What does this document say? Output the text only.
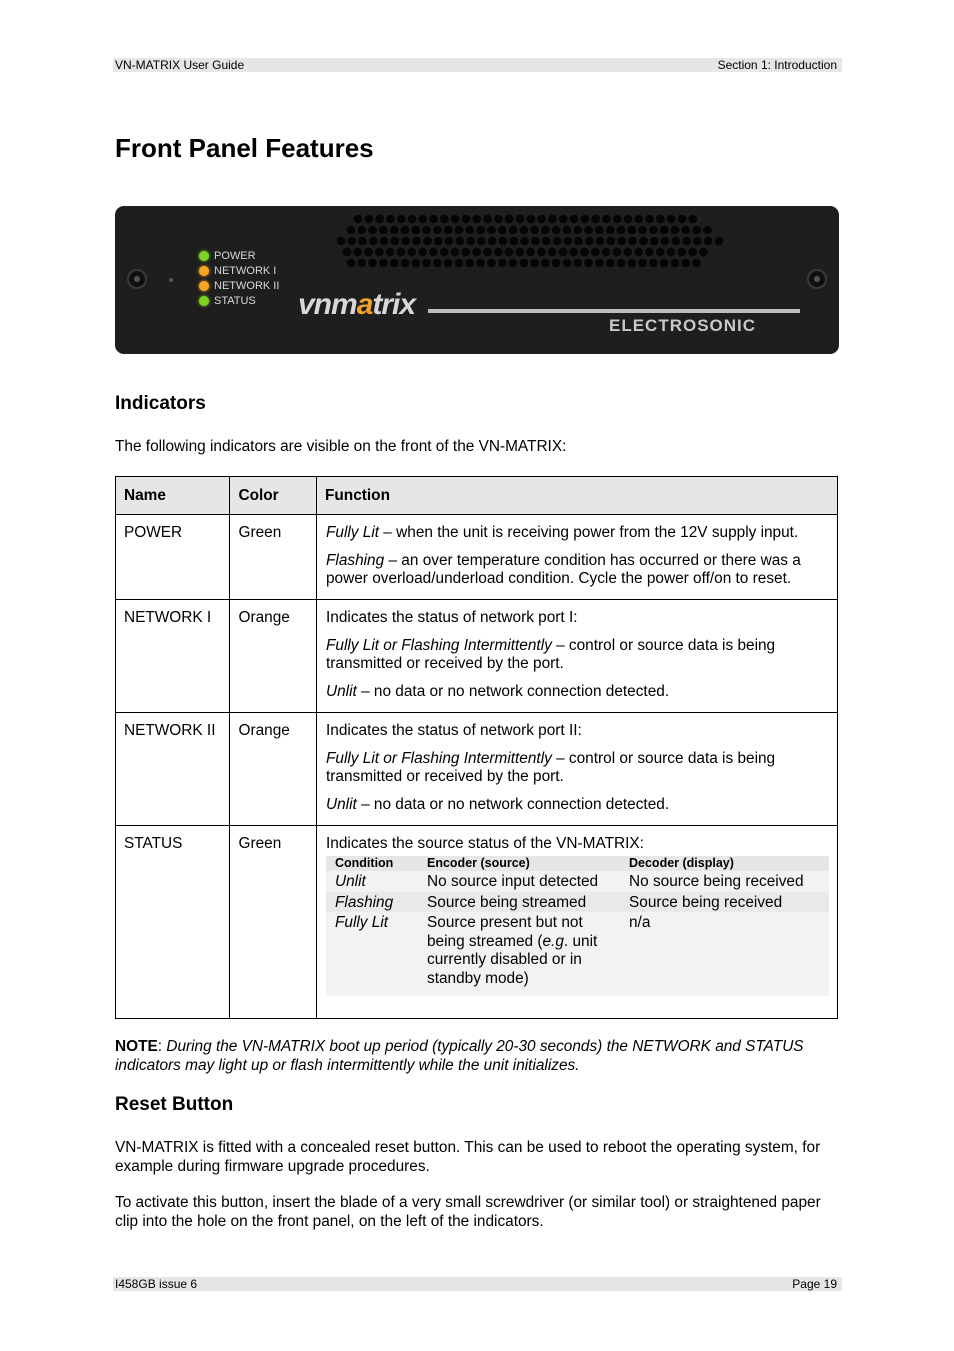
VN-MATRIX User Guide	Section 1: Introduction
Front Panel Features
POWER
NETWORK I
NETWORK II
STATUS vnmatrix
ELECTROSONIC
Indicators

The following indicators are visible on the front of the VN-MATRIX:

Name	Color	Function
POWER	Green	Fully Lit – when the unit is receiving power from the 12V supply input.

Flashing – an over temperature condition has occurred or there was a power overload/underload condition. Cycle the power off/on to reset.

NETWORK I	Orange	Indicates the status of network port I:

Fully Lit or Flashing Intermittently – control or source data is being transmitted or received by the port.

Unlit – no data or no network connection detected.

NETWORK II	Orange	Indicates the status of network port II:

Fully Lit or Flashing Intermittently – control or source data is being transmitted or received by the port.

Unlit – no data or no network connection detected.

STATUS	Green	Indicates the source status of the VN-MATRIX:

Condition	Encoder (source)	Decoder (display)
Unlit	No source input detected	No source being received
Flashing	Source being streamed	Source being received
Fully Lit	Source present but not being streamed (e.g. unit currently disabled or in standby mode)	n/a
NOTE: During the VN-MATRIX boot up period (typically 20-30 seconds) the NETWORK and STATUS indicators may light up or flash intermittently while the unit initializes.
Reset Button

VN-MATRIX is fitted with a concealed reset button. This can be used to reboot the operating system, for example during firmware upgrade procedures.

To activate this button, insert the blade of a very small screwdriver (or similar tool) or straightened paper clip into the hole on the front panel, on the left of the indicators.

I458GB issue 6	Page 19
